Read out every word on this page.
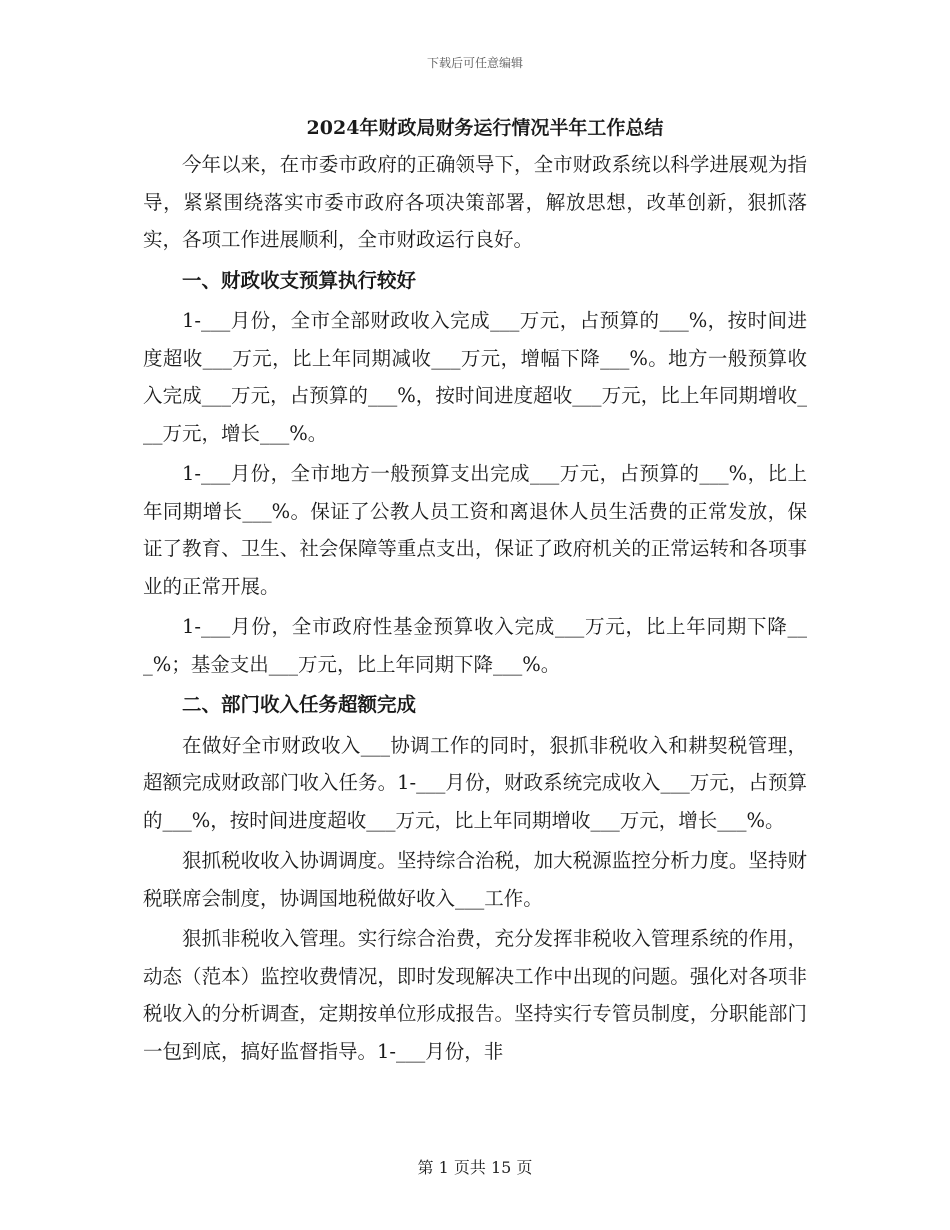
下载后可任意编辑
2024年财政局财务运行情况半年工作总结

今年以来，在市委市政府的正确领导下，全市财政系统以科学进展观为指导，紧紧围绕落实市委市政府各项决策部署，解放思想，改革创新，狠抓落实，各项工作进展顺利，全市财政运行良好。

一、财政收支预算执行较好

1-___月份，全市全部财政收入完成___万元，占预算的___%，按时间进度超收___万元，比上年同期减收___万元，增幅下降___%。地方一般预算收入完成___万元，占预算的___%，按时间进度超收___万元，比上年同期增收___万元，增长___%。

1-___月份，全市地方一般预算支出完成___万元，占预算的___%，比上年同期增长___%。保证了公教人员工资和离退休人员生活费的正常发放，保证了教育、卫生、社会保障等重点支出，保证了政府机关的正常运转和各项事业的正常开展。

1-___月份，全市政府性基金预算收入完成___万元，比上年同期下降___%；基金支出___万元，比上年同期下降___%。

二、部门收入任务超额完成

在做好全市财政收入___协调工作的同时，狠抓非税收入和耕契税管理，超额完成财政部门收入任务。1-___月份，财政系统完成收入___万元，占预算的___%，按时间进度超收___万元，比上年同期增收___万元，增长___%。

狠抓税收收入协调调度。坚持综合治税，加大税源监控分析力度。坚持财税联席会制度，协调国地税做好收入___工作。

狠抓非税收入管理。实行综合治费，充分发挥非税收入管理系统的作用，动态（范本）监控收费情况，即时发现解决工作中出现的问题。强化对各项非税收入的分析调查，定期按单位形成报告。坚持实行专管员制度，分职能部门一包到底，搞好监督指导。1-___月份，非

第 1 页共 15 页
